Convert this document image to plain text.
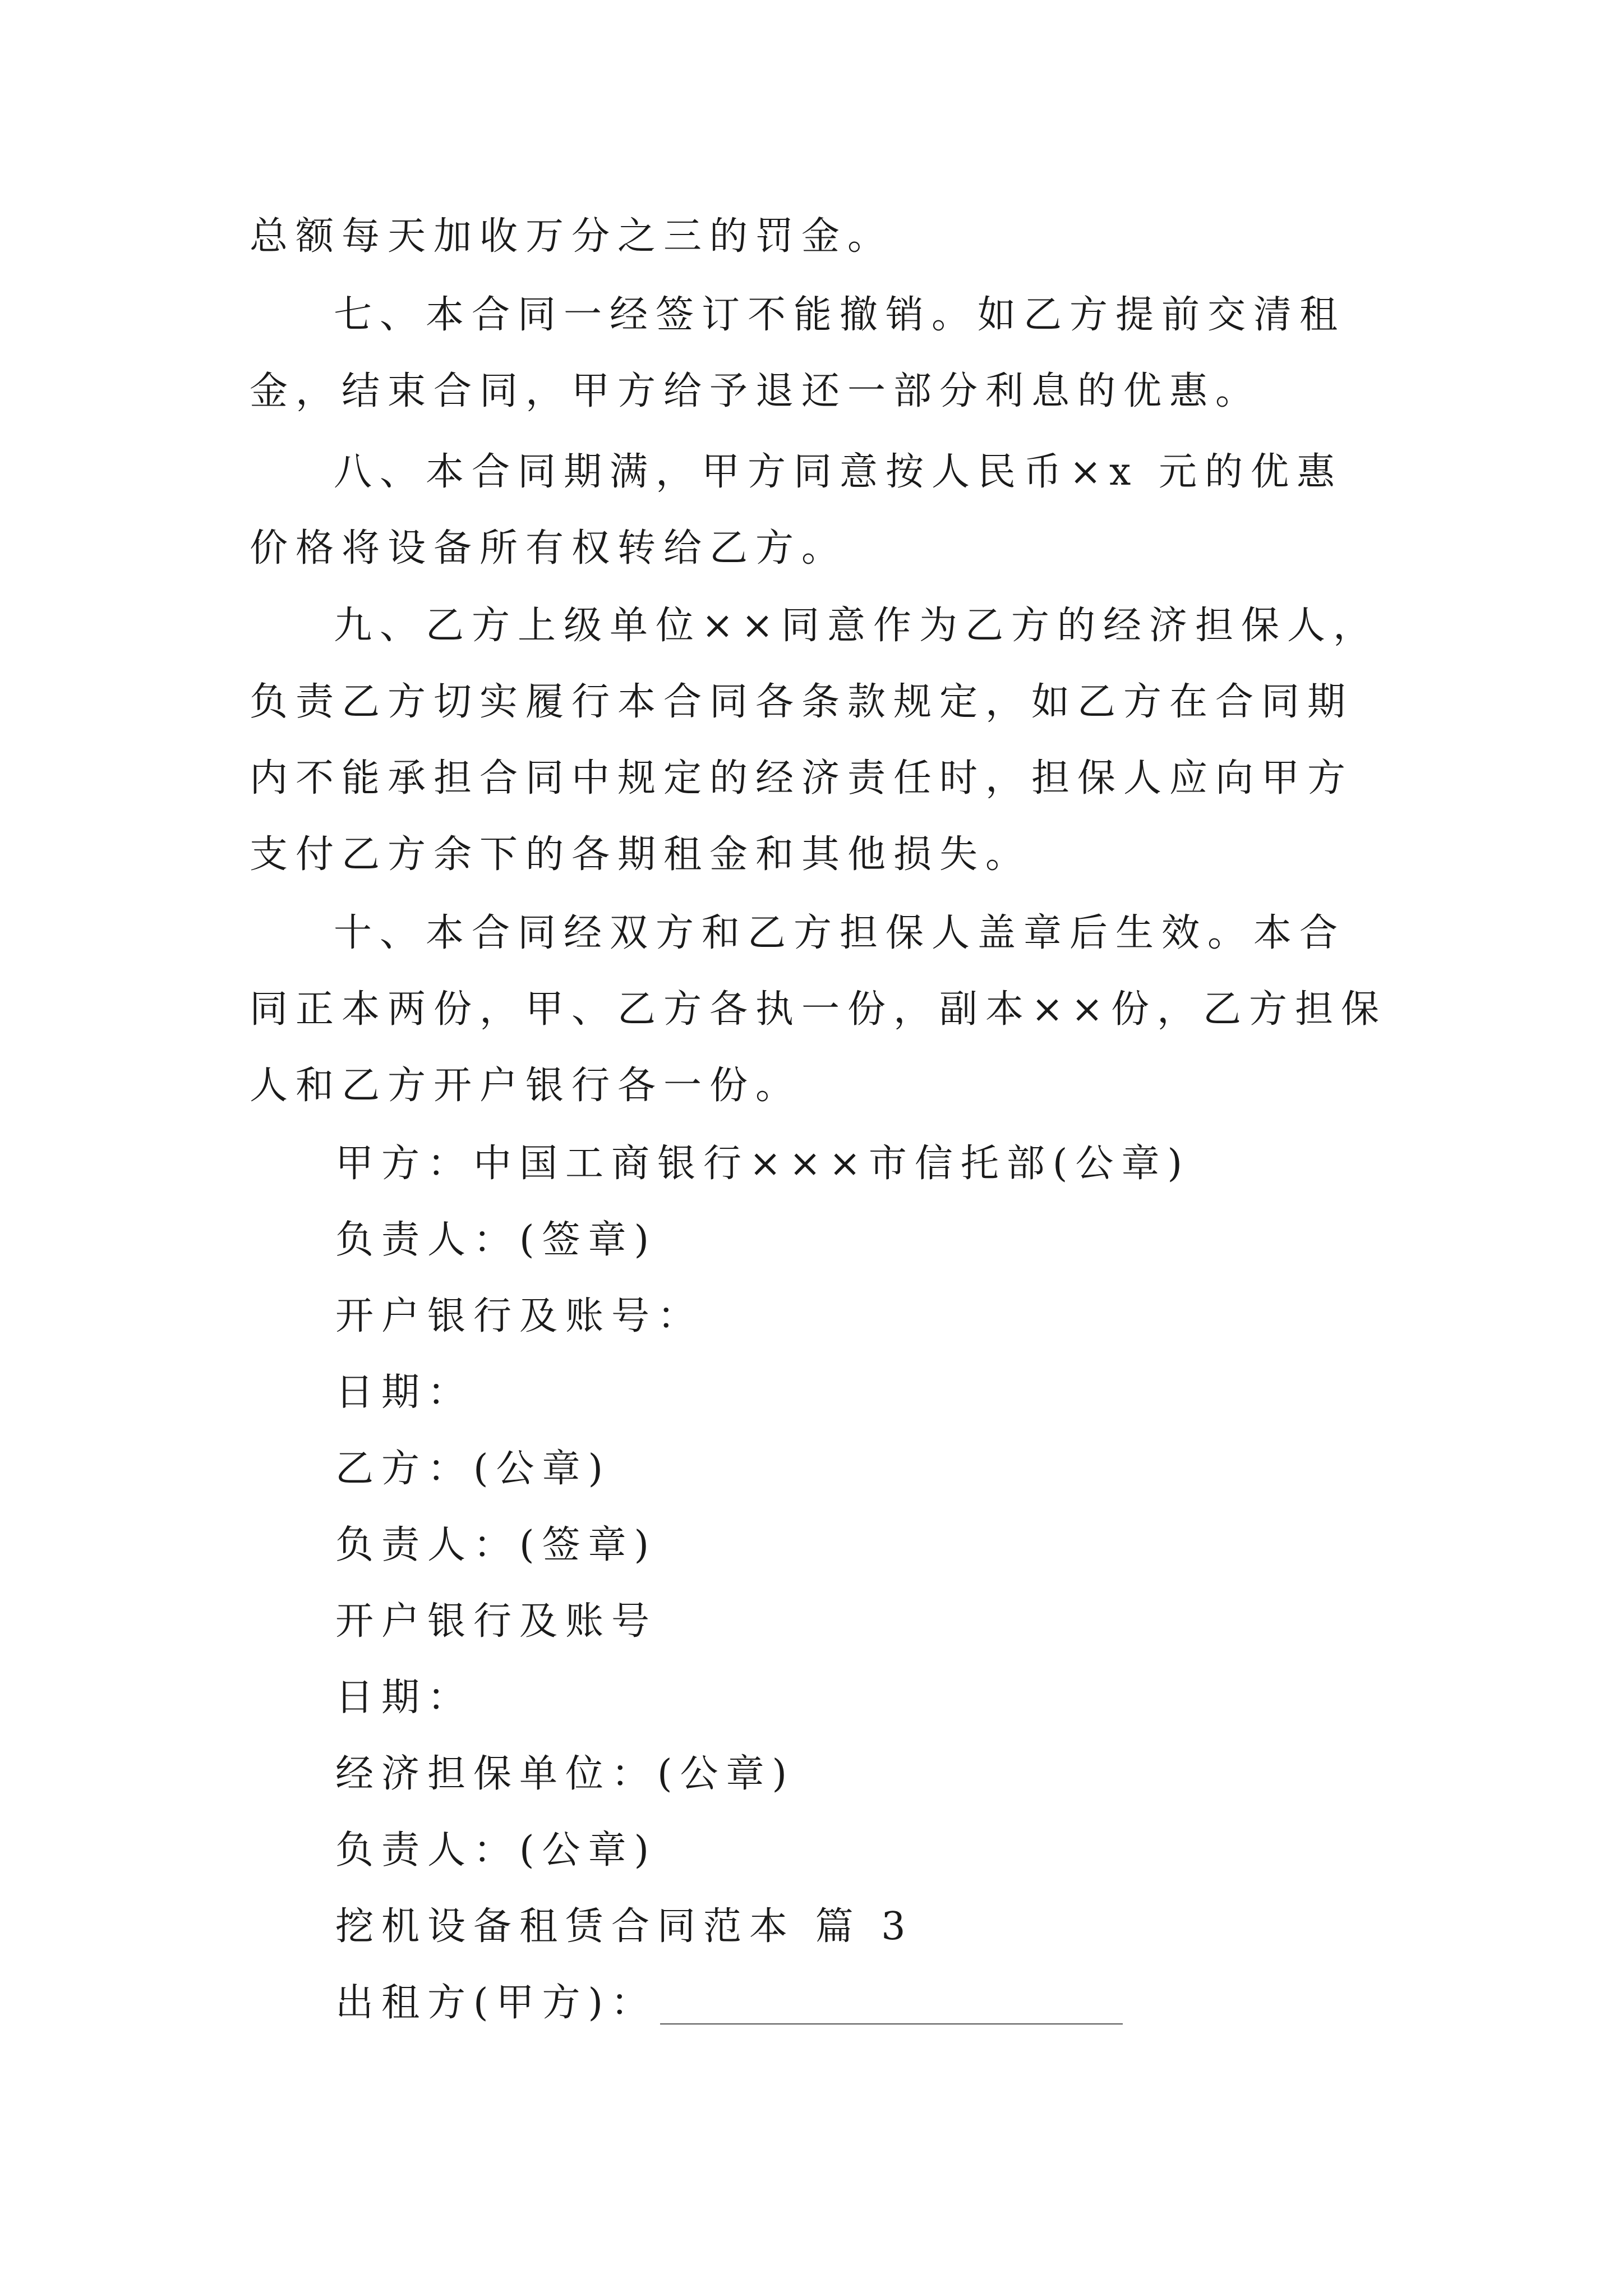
总额每天加收万分之三的罚金。

七、本合同一经签订不能撤销。如乙方提前交清租金，结束合同，甲方给予退还一部分利息的优惠。

八、本合同期满，甲方同意按人民币×x 元的优惠价格将设备所有权转给乙方。

九、乙方上级单位××同意作为乙方的经济担保人，负责乙方切实履行本合同各条款规定，如乙方在合同期内不能承担合同中规定的经济责任时，担保人应向甲方支付乙方余下的各期租金和其他损失。

十、本合同经双方和乙方担保人盖章后生效。本合同正本两份，甲、乙方各执一份，副本××份，乙方担保人和乙方开户银行各一份。

甲方：中国工商银行×××市信托部(公章)

负责人：(签章)

开户银行及账号：

日期：

乙方：(公章)

负责人：(签章)

开户银行及账号

日期：

经济担保单位：(公章)

负责人：(公章)

挖机设备租赁合同范本 篇 3

出租方(甲方)：
